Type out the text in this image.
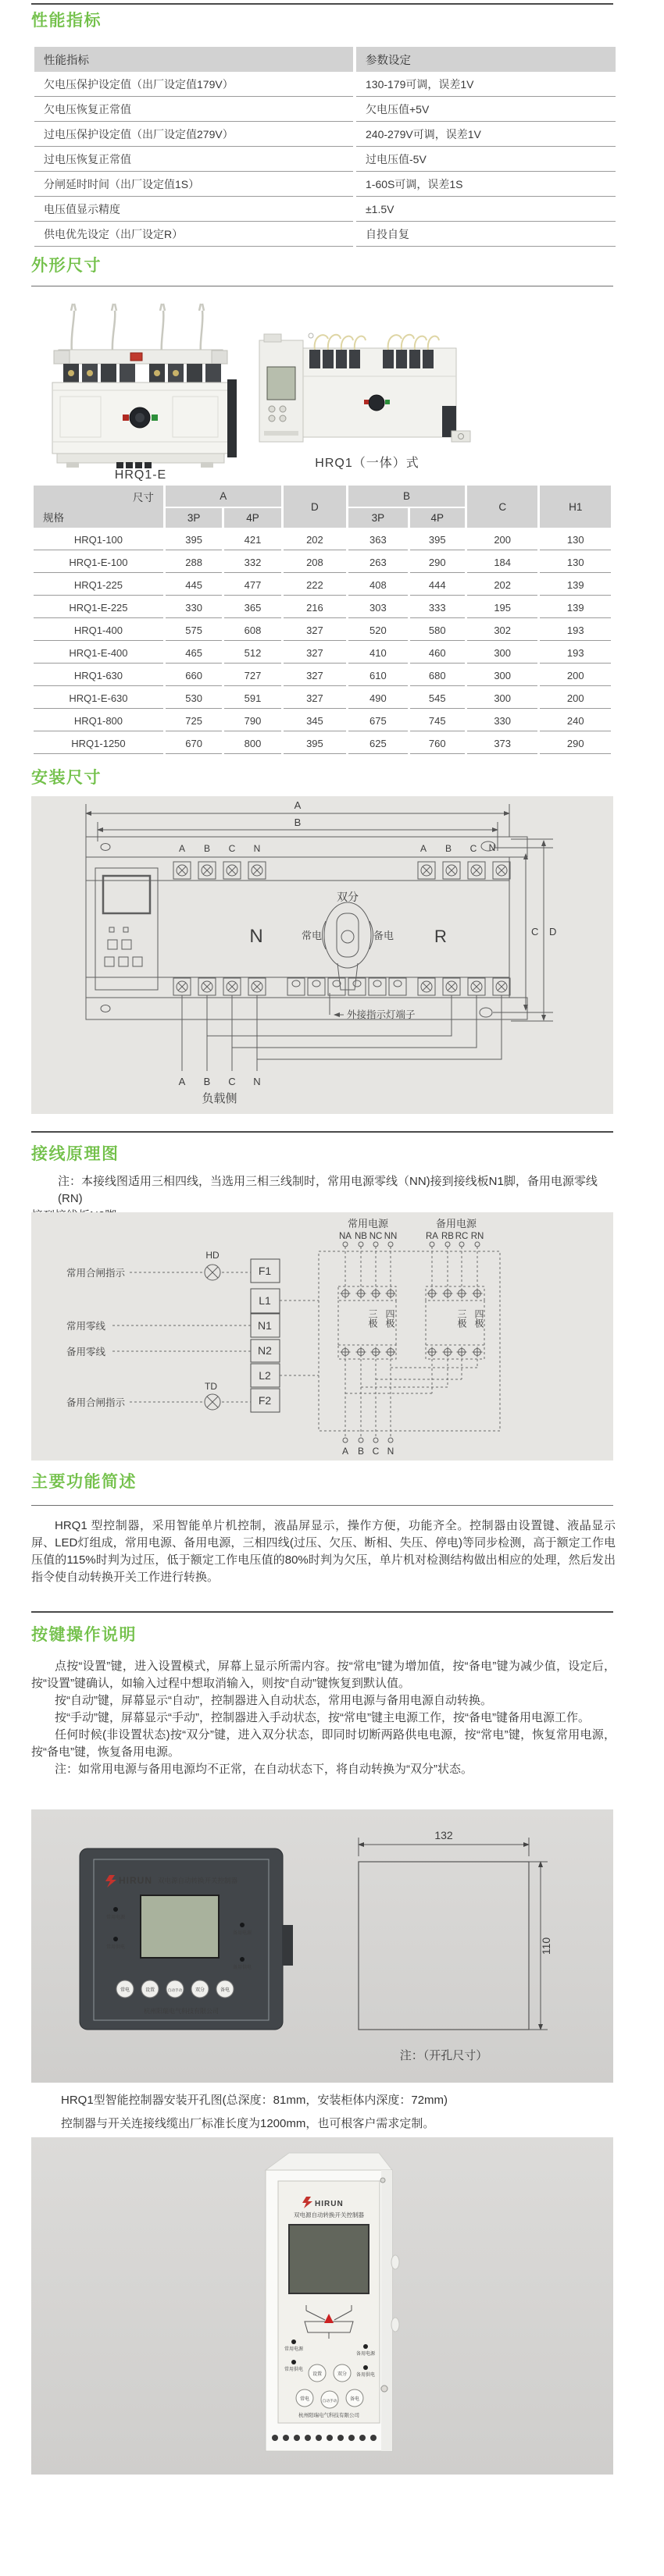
性能指标
性能指标	参数设定
欠电压保护设定值（出厂设定值179V）	130-179可调，误差1V
欠电压恢复正常值	欠电压值+5V
过电压保护设定值（出厂设定值279V）	240-279V可调，误差1V
过电压恢复正常值	过电压值-5V
分闸延时时间（出厂设定值1S）	1-60S可调，误差1S
电压值显示精度	±1.5V
供电优先设定（出厂设定R）	自投自复
外形尺寸
HRQ1-E
HRQ1（一体）式
尺寸
规格	A		D	B		C	H1
	3P	4P		3P	4P		
HRQ1-100	395	421	202	363	395	200	130
HRQ1-E-100	288	332	208	263	290	184	130
HRQ1-225	445	477	222	408	444	202	139
HRQ1-E-225	330	365	216	303	333	195	139
HRQ1-400	575	608	327	520	580	302	193
HRQ1-E-400	465	512	327	410	460	300	193
HRQ1-630	660	727	327	610	680	300	200
HRQ1-E-630	530	591	327	490	545	300	200
HRQ1-800	725	790	345	675	745	330	240
HRQ1-1250	670	800	395	625	760	373	290
安装尺寸
A
B
C D
A B C N	A B C N
双分
常电	备电
N	R
外接指示灯端子
A B C N
负载侧
接线原理图
注：本接线图适用三相四线，当选用三相三线制时，常用电源零线（NN)接到接线板N1脚，备用电源零线(RN)
F1
L1
N1
N2
L2
F2
HD
TD
常用合闸指示
常用零线
备用零线
备用合闸指示
常用电源	备用电源
NA NB NC NN	RA RB RC RN
三极 四极	三极 四极
A B C N
主要功能简述

HRQ1 型控制器，采用智能单片机控制，液晶屏显示，操作方便，功能齐全。控制器由设置键、液晶显示屏、LED灯组成，常用电源、备用电源，三相四线(过压、欠压、断相、失压、停电)等同步检测，高于额定工作电压值的115%时判为过压，低于额定工作电压值的80%时判为欠压，单片机对检测结构做出相应的处理，然后发出指令使自动转换开关工作进行转换。

按键操作说明

点按“设置”键，进入设置模式，屏幕上显示所需内容。按“常电”键为增加值，按“备电”键为减少值，设定后，按“设置”键确认，如输入过程中想取消输入，则按“自动”键恢复到默认值。

按“自动”键，屏幕显示“自动”，控制器进入自动状态，常用电源与备用电源自动转换。

按“手动”键，屏幕显示“手动”，控制器进入手动状态，按“常电”键主电源工作，按“备电”键备用电源工作。

任何时候(非设置状态)按“双分”键，进入双分状态，即同时切断两路供电电源，按“常电”键，恢复常用电源，按“备电”键，恢复备用电源。

注：如常用电源与备用电源均不正常，在自动状态下，将自动转换为“双分”状态。

HIRUN 双电源自动转换开关控制器
常用电源
常用供电
备用电源
备用供电
常电	设置	自动手动	双分	备电
杭州阳瑞电气科技有限公司
132
110
注：（开孔尺寸）
HRQ1型智能控制器安装开孔图(总深度：81mm，安装柜体内深度：72mm)
控制器与开关连接线缆出厂标准长度为1200mm，也可根客户需求定制。
HIRUN
双电源自动转换开关控制器
常用电源
常用供电
备用电源
备用供电
设置	双分
常电	自动手动	备电
杭州阳瑞电气科技有限公司
